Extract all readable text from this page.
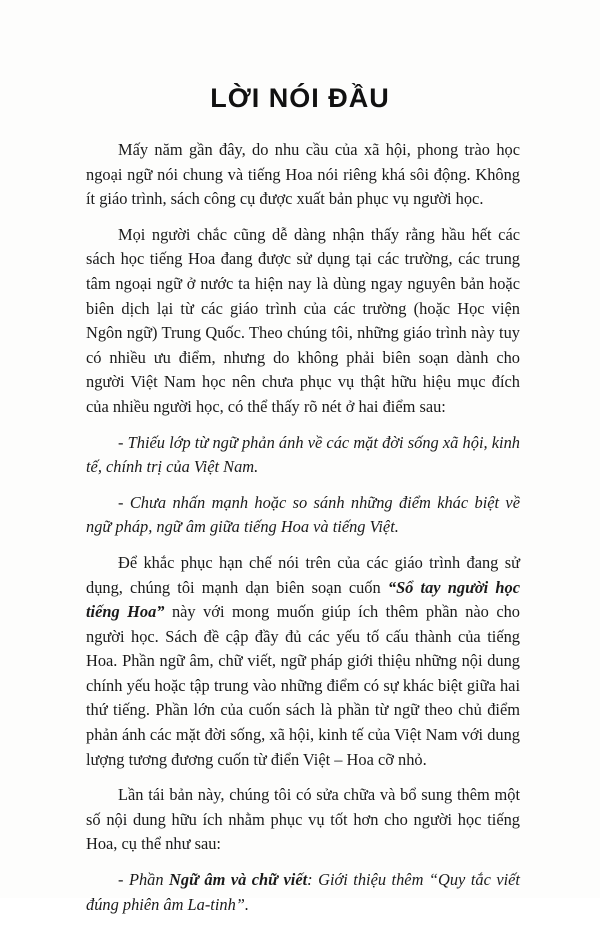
LỜI NÓI ĐẦU

Mấy năm gần đây, do nhu cầu của xã hội, phong trào học ngoại ngữ nói chung và tiếng Hoa nói riêng khá sôi động. Không ít giáo trình, sách công cụ được xuất bản phục vụ người học.

Mọi người chắc cũng dễ dàng nhận thấy rằng hầu hết các sách học tiếng Hoa đang được sử dụng tại các trường, các trung tâm ngoại ngữ ở nước ta hiện nay là dùng ngay nguyên bản hoặc biên dịch lại từ các giáo trình của các trường (hoặc Học viện Ngôn ngữ) Trung Quốc. Theo chúng tôi, những giáo trình này tuy có nhiều ưu điểm, nhưng do không phải biên soạn dành cho người Việt Nam học nên chưa phục vụ thật hữu hiệu mục đích của nhiều người học, có thể thấy rõ nét ở hai điểm sau:

- Thiếu lớp từ ngữ phản ánh về các mặt đời sống xã hội, kinh tế, chính trị của Việt Nam.

- Chưa nhấn mạnh hoặc so sánh những điểm khác biệt về ngữ pháp, ngữ âm giữa tiếng Hoa và tiếng Việt.

Để khắc phục hạn chế nói trên của các giáo trình đang sử dụng, chúng tôi mạnh dạn biên soạn cuốn “Sổ tay người học tiếng Hoa” này với mong muốn giúp ích thêm phần nào cho người học. Sách đề cập đầy đủ các yếu tố cấu thành của tiếng Hoa. Phần ngữ âm, chữ viết, ngữ pháp giới thiệu những nội dung chính yếu hoặc tập trung vào những điểm có sự khác biệt giữa hai thứ tiếng. Phần lớn của cuốn sách là phần từ ngữ theo chủ điểm phản ánh các mặt đời sống, xã hội, kinh tế của Việt Nam với dung lượng tương đương cuốn từ điển Việt – Hoa cỡ nhỏ.

Lần tái bản này, chúng tôi có sửa chữa và bổ sung thêm một số nội dung hữu ích nhằm phục vụ tốt hơn cho người học tiếng Hoa, cụ thể như sau:

- Phần Ngữ âm và chữ viết: Giới thiệu thêm “Quy tắc viết đúng phiên âm La-tinh”.
